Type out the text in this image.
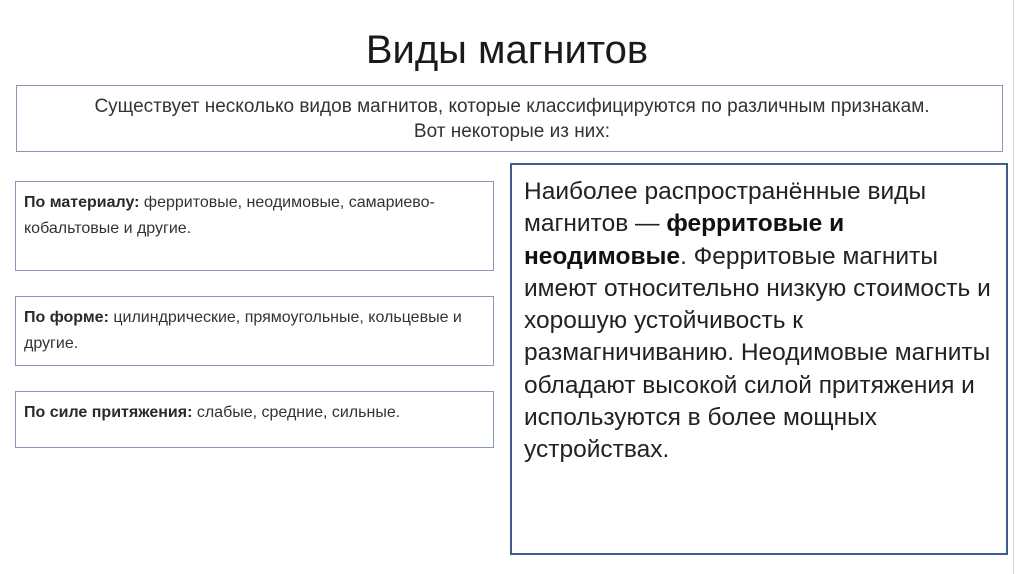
Виды магнитов
Существует несколько видов магнитов, которые классифицируются по различным признакам. Вот некоторые из них:
По материалу: ферритовые, неодимовые, самариево-кобальтовые и другие.
По форме: цилиндрические, прямоугольные, кольцевые и другие.
По силе притяжения: слабые, средние, сильные.
Наиболее распространённые виды магнитов — ферритовые и неодимовые. Ферритовые магниты имеют относительно низкую стоимость и хорошую устойчивость к размагничиванию. Неодимовые магниты обладают высокой силой притяжения и используются в более мощных устройствах.
